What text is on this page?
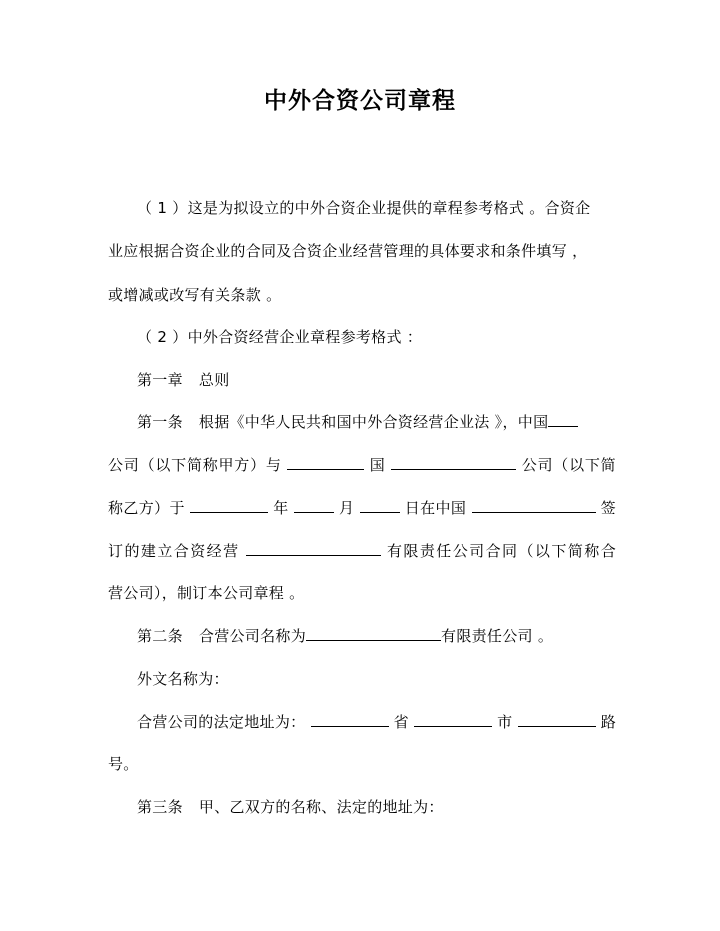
中外合资公司章程
（ 1 ）这是为拟设立的中外合资企业提供的章程参考格式 。合资企
业应根据合资企业的合同及合资企业经营管理的具体要求和条件填写 ，
或增减或改写有关条款 。
（ 2 ）中外合资经营企业章程参考格式 ：
第一章 总则
第一条 根据《中华人民共和国中外合资经营企业法 》，中国
公司（以下简称甲方）与	国	公司（以下简
称乙方）于	年	月	日在中国	签
订的建立合资经营	有限责任公司合同（以下简称合
营公司），制订本公司章程 。
第二条 合营公司名称为	有限责任公司 。
外文名称为：
合营公司的法定地址为：	省	市	路
号。
第三条 甲、乙双方的名称、法定的地址为：
